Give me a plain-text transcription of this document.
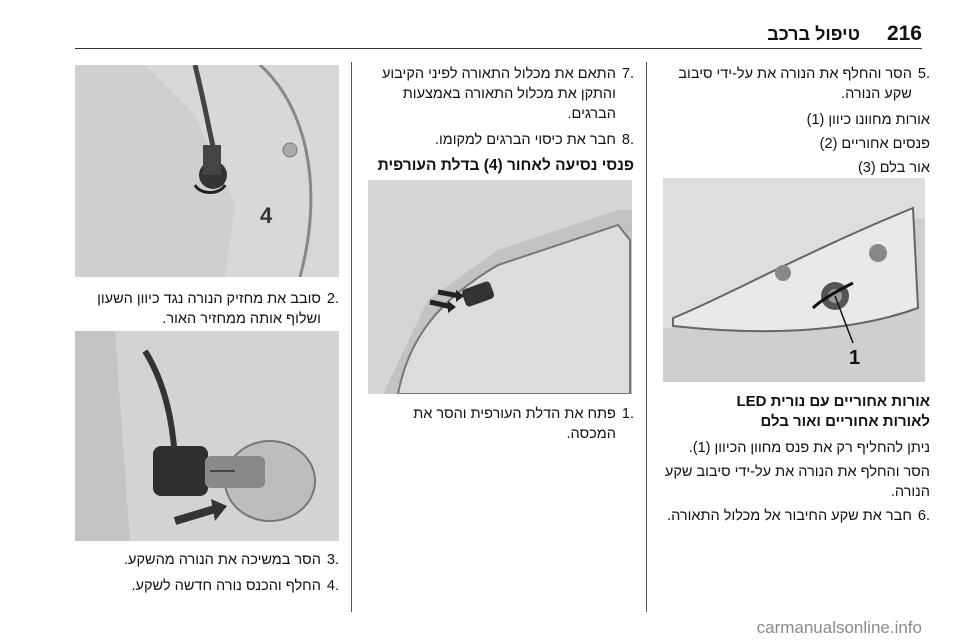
216
טיפול ברכב
.5
הסר והחלף את הנורה את על-ידי סיבוב שקע הנורה.
אורות מחוונו כיוון (1)
פנסים אחוריים (2)
אור בלם (3)
1
אורות אחוריים עם נורית LED
לאורות אחוריים ואור בלם
ניתן להחליף רק את פנס מחוון הכיוון (1).
הסר והחלף את הנורה את על-ידי סיבוב שקע הנורה.
.6
חבר את שקע החיבור אל מכלול התאורה.
.7
התאם את מכלול התאורה לפיני הקיבוע והתקן את מכלול התאורה באמצעות הברגים.
.8
חבר את כיסוי הברגים למקומו.
פנסי נסיעה לאחור (4) בדלת העורפית
.1
פתח את הדלת העורפית והסר את המכסה.
4
.2
סובב את מחזיק הנורה נגד כיוון השעון ושלוף אותה ממחזיר האור.
.3
הסר במשיכה את הנורה מהשקע.
.4
החלף והכנס נורה חדשה לשקע.
carmanualsonline.info
